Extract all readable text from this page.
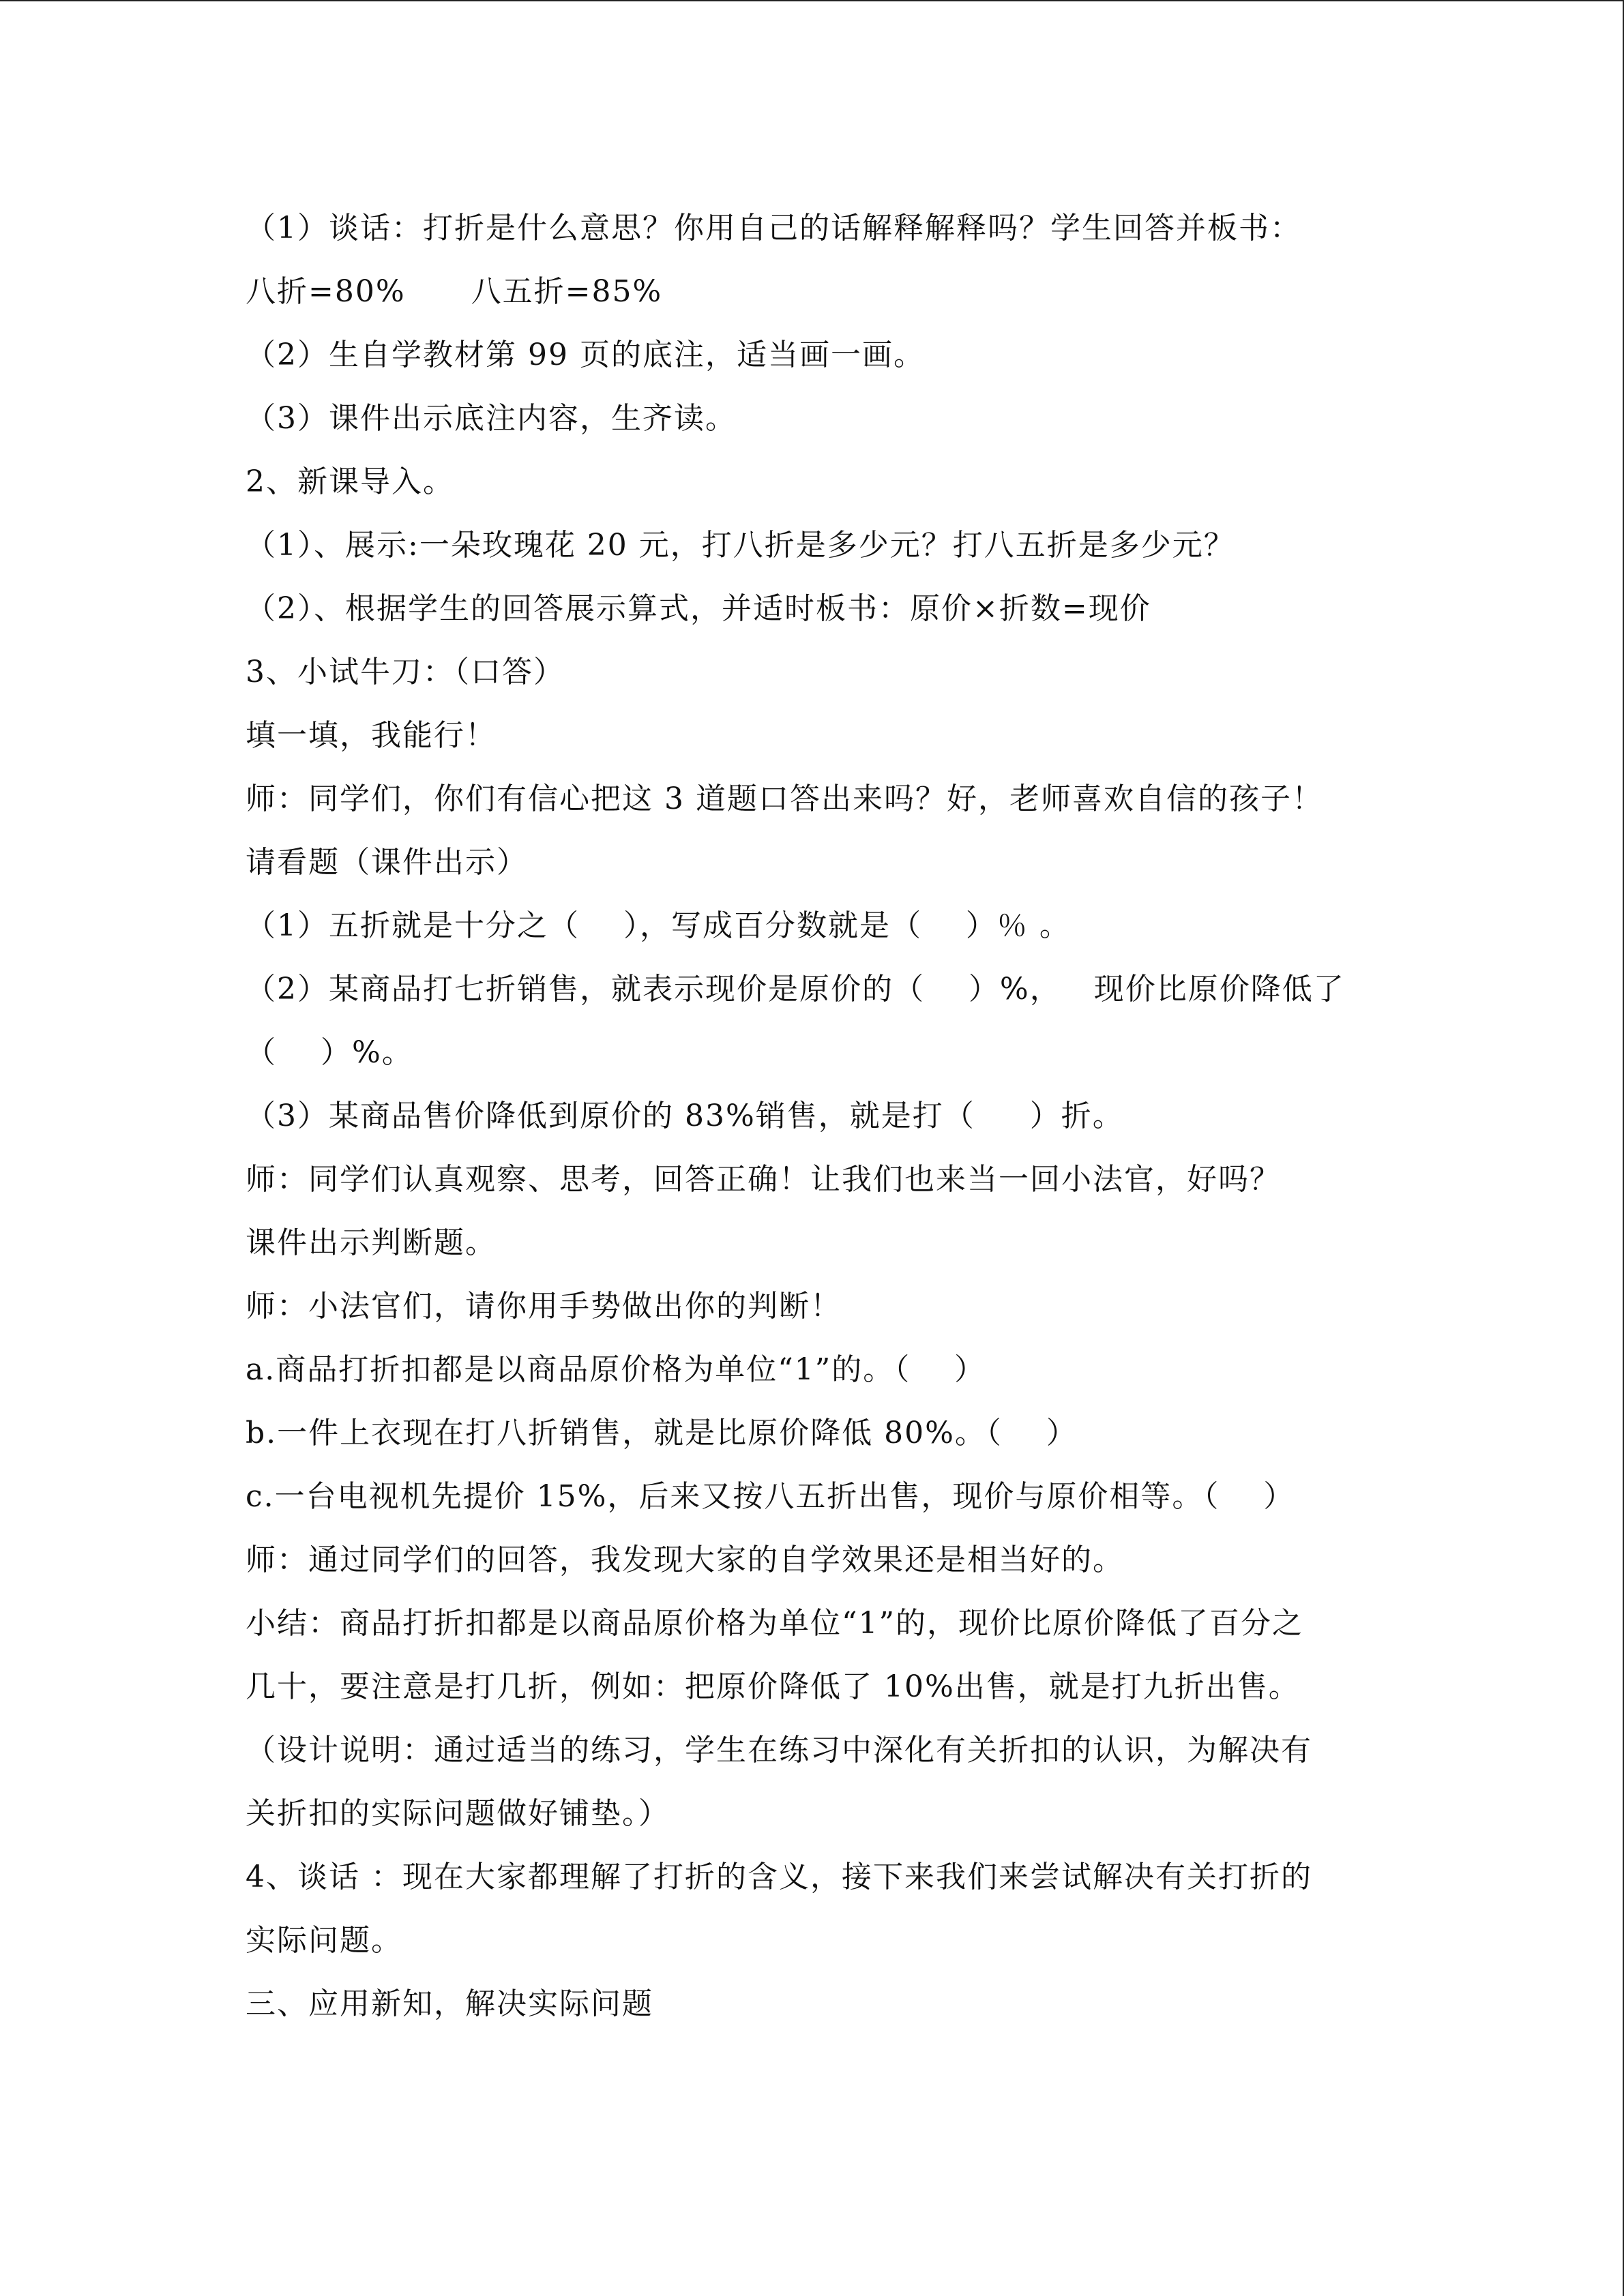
（1）谈话：打折是什么意思？你用自己的话解释解释吗？学生回答并板书：
八折=80%      八五折=85%
（2）生自学教材第 99 页的底注，适当画一画。
（3）课件出示底注内容，生齐读。
2、新课导入。
（1）、展示:一朵玫瑰花 20 元，打八折是多少元？打八五折是多少元？
（2）、根据学生的回答展示算式，并适时板书：原价×折数=现价
3、小试牛刀：（口答）
填一填，我能行！
师：同学们，你们有信心把这 3 道题口答出来吗？好，老师喜欢自信的孩子！
请看题（课件出示）
（1）五折就是十分之（    ），写成百分数就是（    ）％ 。
（2）某商品打七折销售，就表示现价是原价的（    ）%，   现价比原价降低了
（    ）%。
（3）某商品售价降低到原价的 83%销售，就是打（     ）折。
师：同学们认真观察、思考，回答正确！让我们也来当一回小法官，好吗？
课件出示判断题。
师：小法官们，请你用手势做出你的判断！
a.商品打折扣都是以商品原价格为单位“1”的。（    ）
b.一件上衣现在打八折销售，就是比原价降低 80%。（    ）
c.一台电视机先提价 15%，后来又按八五折出售，现价与原价相等。（    ）
师：通过同学们的回答，我发现大家的自学效果还是相当好的。
小结：商品打折扣都是以商品原价格为单位“1”的，现价比原价降低了百分之
几十，要注意是打几折，例如：把原价降低了 10%出售，就是打九折出售。
（设计说明：通过适当的练习，学生在练习中深化有关折扣的认识，为解决有
关折扣的实际问题做好铺垫。）
4、谈话 ：现在大家都理解了打折的含义，接下来我们来尝试解决有关打折的
实际问题。
三、应用新知，解决实际问题
